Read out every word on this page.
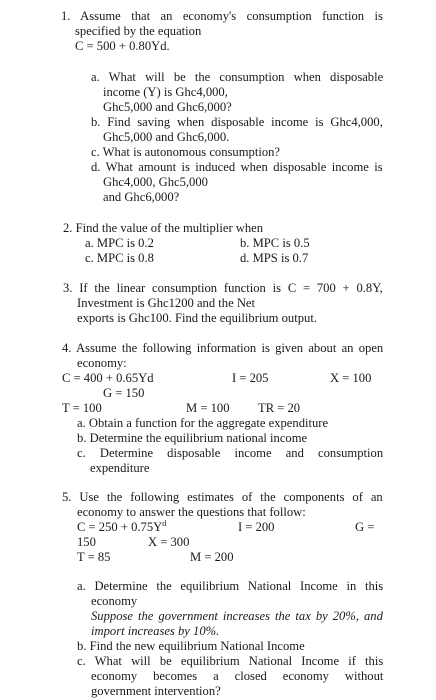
1. Assume that an economy's consumption function is
specified by the equation
C = 500 + 0.80Yd.
a. What will be the consumption when disposable
income (Y) is Ghc4,000,
Ghc5,000 and Ghc6,000?
b. Find saving when disposable income is Ghc4,000,
Ghc5,000 and Ghc6,000.
c. What is autonomous consumption?
d. What amount is induced when disposable income is
Ghc4,000, Ghc5,000
and Ghc6,000?
2. Find the value of the multiplier when
a. MPC is 0.2	b. MPC is 0.5
c. MPC is 0.8	d. MPS is 0.7
3. If the linear consumption function is C = 700 + 0.8Y,
Investment is Ghc1200 and the Net
exports is Ghc100. Find the equilibrium output.
4. Assume the following information is given about an open
economy:
C = 400 + 0.65Yd	I = 205	X = 100
G = 150
T = 100	M = 100 TR = 20
a. Obtain a function for the aggregate expenditure
b. Determine the equilibrium national income
c. Determine disposable income and consumption
expenditure
5. Use the following estimates of the components of an
economy to answer the questions that follow:
$C = 250 + 0.75Y^d$	I = 200	G =
150	X = 300
T = 85	M = 200
a. Determine the equilibrium National Income in this
economy
Suppose the government increases the tax by 20%, and
import increases by 10%.
b. Find the new equilibrium National Income
c. What will be equilibrium National Income if this
economy becomes a closed economy without
government intervention?
